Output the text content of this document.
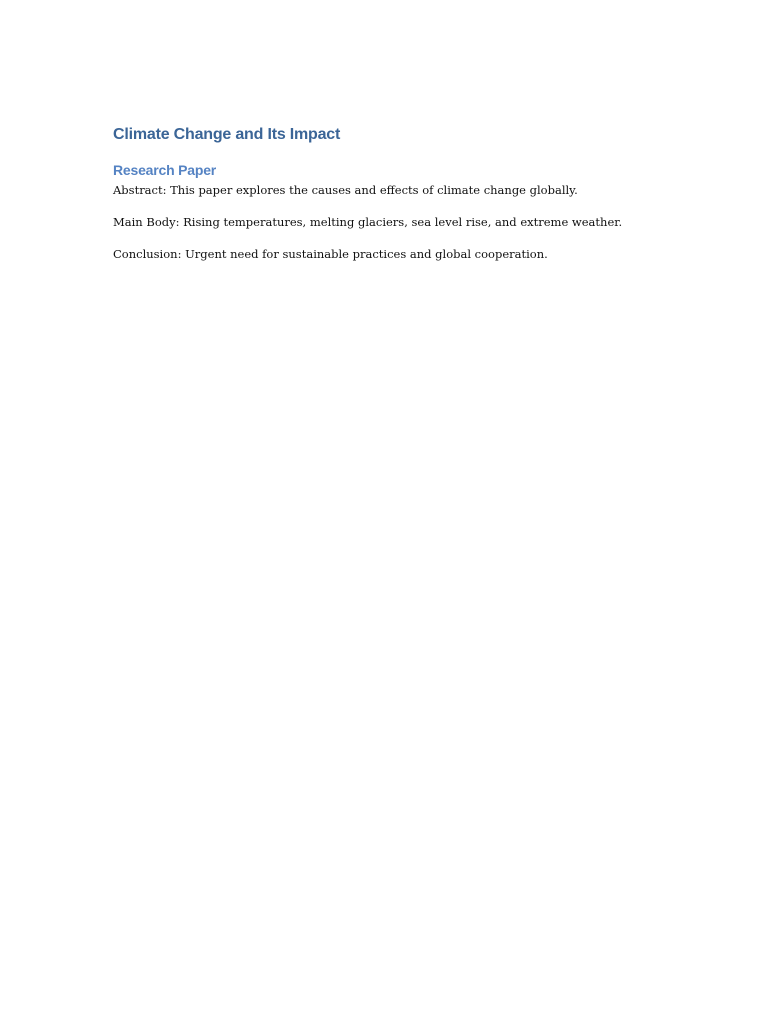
Climate Change and Its Impact
Research Paper

Abstract: This paper explores the causes and effects of climate change globally.

Main Body: Rising temperatures, melting glaciers, sea level rise, and extreme weather.

Conclusion: Urgent need for sustainable practices and global cooperation.
